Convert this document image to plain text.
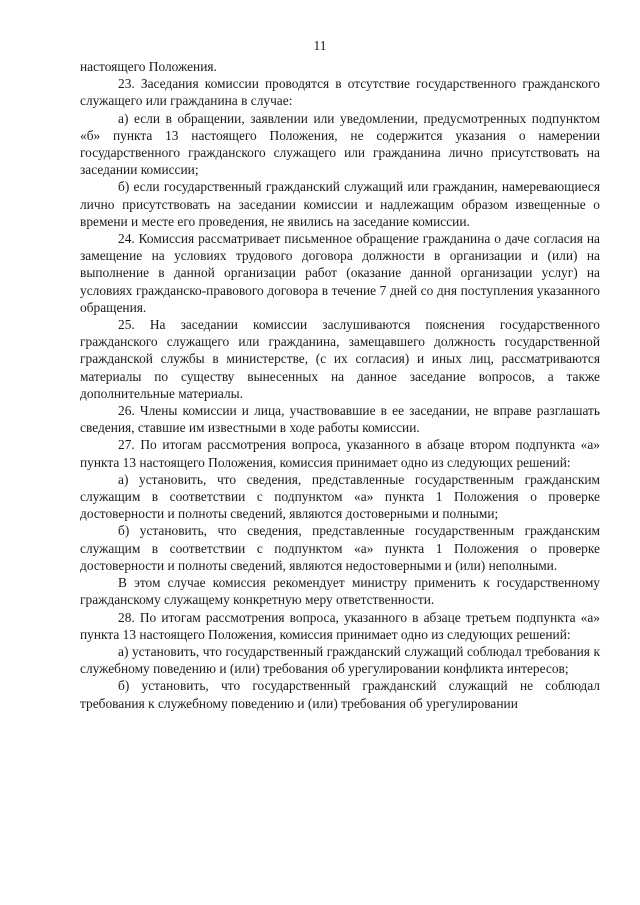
11

настоящего Положения.

23. Заседания комиссии проводятся в отсутствие государственного гражданского служащего или гражданина в случае:

а) если в обращении, заявлении или уведомлении, предусмотренных подпунктом «б» пункта 13 настоящего Положения, не содержится указания о намерении государственного гражданского служащего или гражданина лично присутствовать на заседании комиссии;

б) если государственный гражданский служащий или гражданин, намеревающиеся лично присутствовать на заседании комиссии и надлежащим образом извещенные о времени и месте его проведения, не явились на заседание комиссии.

24. Комиссия рассматривает письменное обращение гражданина о даче согласия на замещение на условиях трудового договора должности в организации и (или) на выполнение в данной организации работ (оказание данной организации услуг) на условиях гражданско-правового договора в течение 7 дней со дня поступления указанного обращения.

25. На заседании комиссии заслушиваются пояснения государственного гражданского служащего или гражданина, замещавшего должность государственной гражданской службы в министерстве, (с их согласия) и иных лиц, рассматриваются материалы по существу вынесенных на данное заседание вопросов, а также дополнительные материалы.

26. Члены комиссии и лица, участвовавшие в ее заседании, не вправе разглашать сведения, ставшие им известными в ходе работы комиссии.

27. По итогам рассмотрения вопроса, указанного в абзаце втором подпункта «а» пункта 13 настоящего Положения, комиссия принимает одно из следующих решений:

а) установить, что сведения, представленные государственным гражданским служащим в соответствии с подпунктом «а» пункта 1 Положения о проверке достоверности и полноты сведений, являются достоверными и полными;

б) установить, что сведения, представленные государственным гражданским служащим в соответствии с подпунктом «а» пункта 1 Положения о проверке достоверности и полноты сведений, являются недостоверными и (или) неполными.

В этом случае комиссия рекомендует министру применить к государственному гражданскому служащему конкретную меру ответственности.

28. По итогам рассмотрения вопроса, указанного в абзаце третьем подпункта «а» пункта 13 настоящего Положения, комиссия принимает одно из следующих решений:

а) установить, что государственный гражданский служащий соблюдал требования к служебному поведению и (или) требования об урегулировании конфликта интересов;

б) установить, что государственный гражданский служащий не соблюдал требования к служебному поведению и (или) требования об урегулировании
